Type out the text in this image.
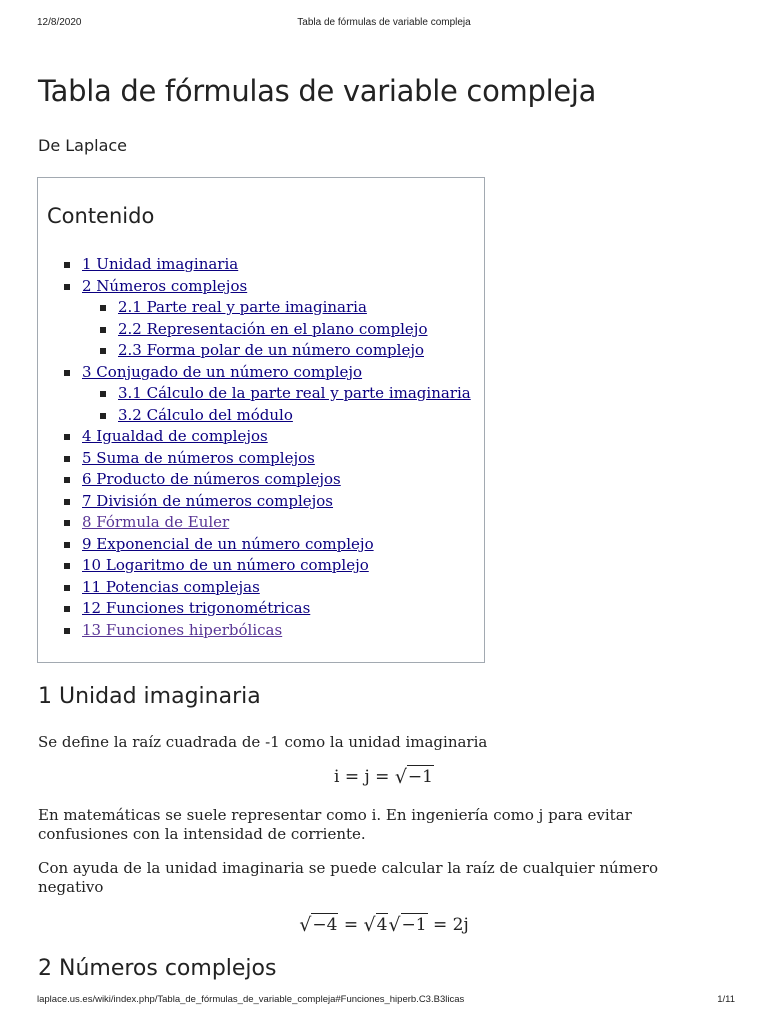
12/8/2020	Tabla de fórmulas de variable compleja
Tabla de fórmulas de variable compleja
De Laplace
Contenido
1 Unidad imaginaria
2 Números complejos
2.1 Parte real y parte imaginaria
2.2 Representación en el plano complejo
2.3 Forma polar de un número complejo
3 Conjugado de un número complejo
3.1 Cálculo de la parte real y parte imaginaria
3.2 Cálculo del módulo
4 Igualdad de complejos
5 Suma de números complejos
6 Producto de números complejos
7 División de números complejos
8 Fórmula de Euler
9 Exponencial de un número complejo
10 Logaritmo de un número complejo
11 Potencias complejas
12 Funciones trigonométricas
13 Funciones hiperbólicas
1 Unidad imaginaria

Se define la raíz cuadrada de -1 como la unidad imaginaria

i = j = √−1

En matemáticas se suele representar como i. En ingeniería como j para evitar confusiones con la intensidad de corriente.

Con ayuda de la unidad imaginaria se puede calcular la raíz de cualquier número negativo

√−4 = √4√−1 = 2j
2 Números complejos
laplace.us.es/wiki/index.php/Tabla_de_fórmulas_de_variable_compleja#Funciones_hiperb.C3.B3licas	1/11
